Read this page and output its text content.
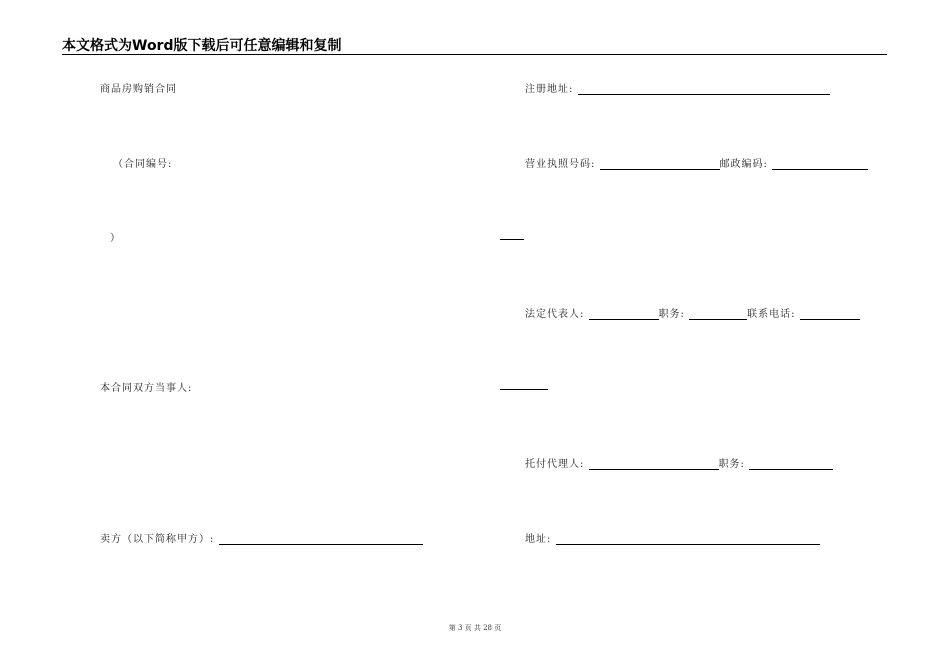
本文格式为Word版下载后可任意编辑和复制
商品房购销合同
（合同编号:
）
本合同双方当事人:
卖方（以下简称甲方）:
注册地址:
营业执照号码:	邮政编码:
法定代表人:	职务:	联系电话:
托付代理人:	职务:
地址:
第 3 页 共 28 页
